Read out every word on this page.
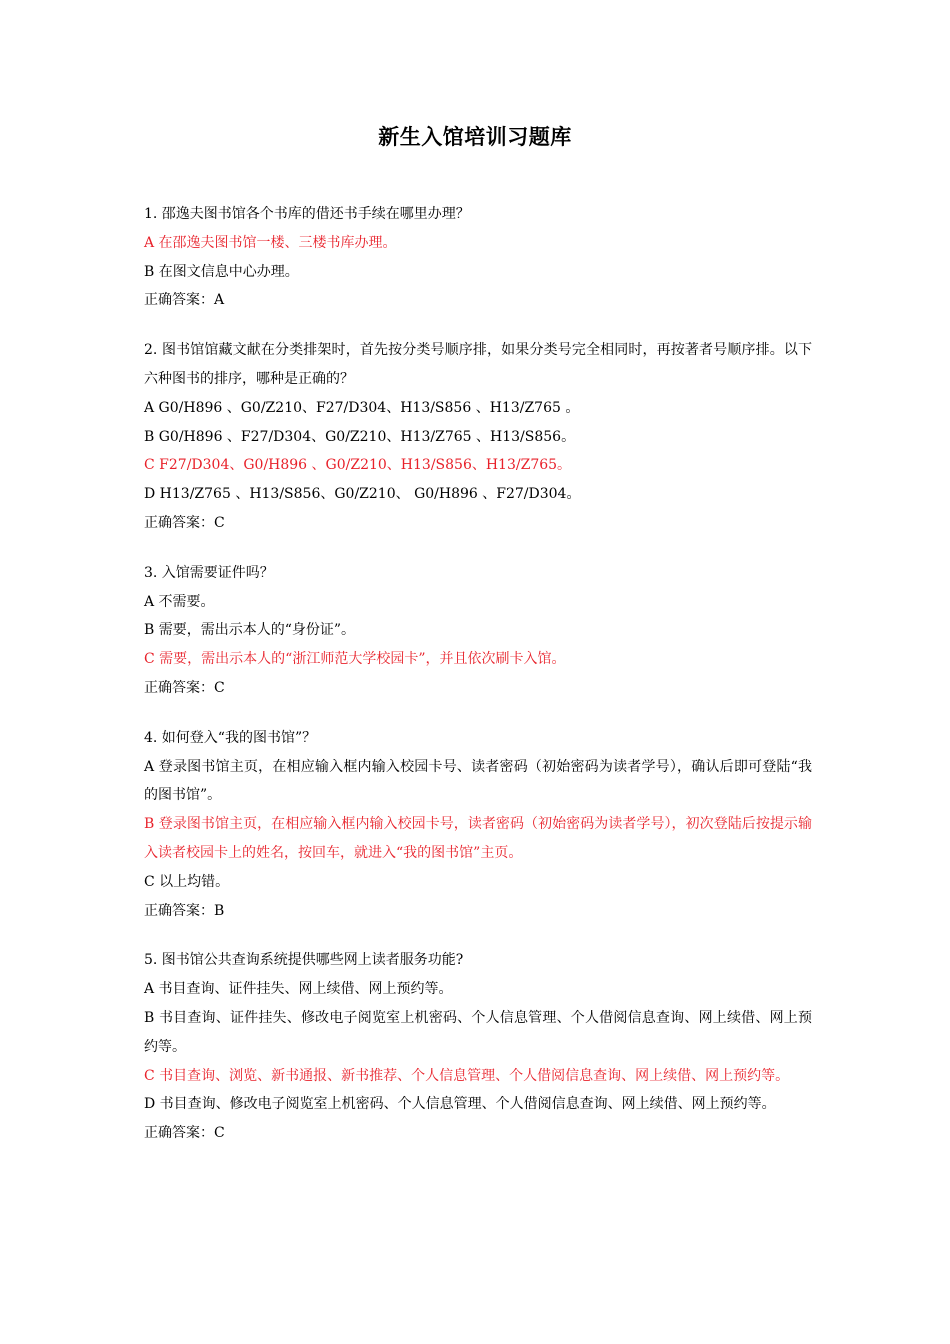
新生入馆培训习题库
1. 邵逸夫图书馆各个书库的借还书手续在哪里办理？
A 在邵逸夫图书馆一楼、三楼书库办理。
B 在图文信息中心办理。
正确答案：A
2. 图书馆馆藏文献在分类排架时，首先按分类号顺序排，如果分类号完全相同时，再按著者号顺序排。以下六种图书的排序，哪种是正确的？
A G0/H896 、G0/Z210、F27/D304、H13/S856 、H13/Z765 。
B G0/H896 、F27/D304、G0/Z210、H13/Z765 、H13/S856。
C F27/D304、G0/H896 、G0/Z210、H13/S856、H13/Z765。
D H13/Z765 、H13/S856、G0/Z210、 G0/H896 、F27/D304。
正确答案：C
3. 入馆需要证件吗？
A 不需要。
B 需要，需出示本人的“身份证”。
C 需要，需出示本人的“浙江师范大学校园卡”，并且依次刷卡入馆。
正确答案：C
4. 如何登入“我的图书馆”？
A 登录图书馆主页，在相应输入框内输入校园卡号、读者密码（初始密码为读者学号），确认后即可登陆“我的图书馆”。
B 登录图书馆主页，在相应输入框内输入校园卡号，读者密码（初始密码为读者学号），初次登陆后按提示输入读者校园卡上的姓名，按回车，就进入“我的图书馆”主页。
C 以上均错。
正确答案：B
5. 图书馆公共查询系统提供哪些网上读者服务功能?
A 书目查询、证件挂失、网上续借、网上预约等。
B 书目查询、证件挂失、修改电子阅览室上机密码、个人信息管理、个人借阅信息查询、网上续借、网上预约等。
C 书目查询、浏览、新书通报、新书推荐、个人信息管理、个人借阅信息查询、网上续借、网上预约等。
D 书目查询、修改电子阅览室上机密码、个人信息管理、个人借阅信息查询、网上续借、网上预约等。
正确答案：C
